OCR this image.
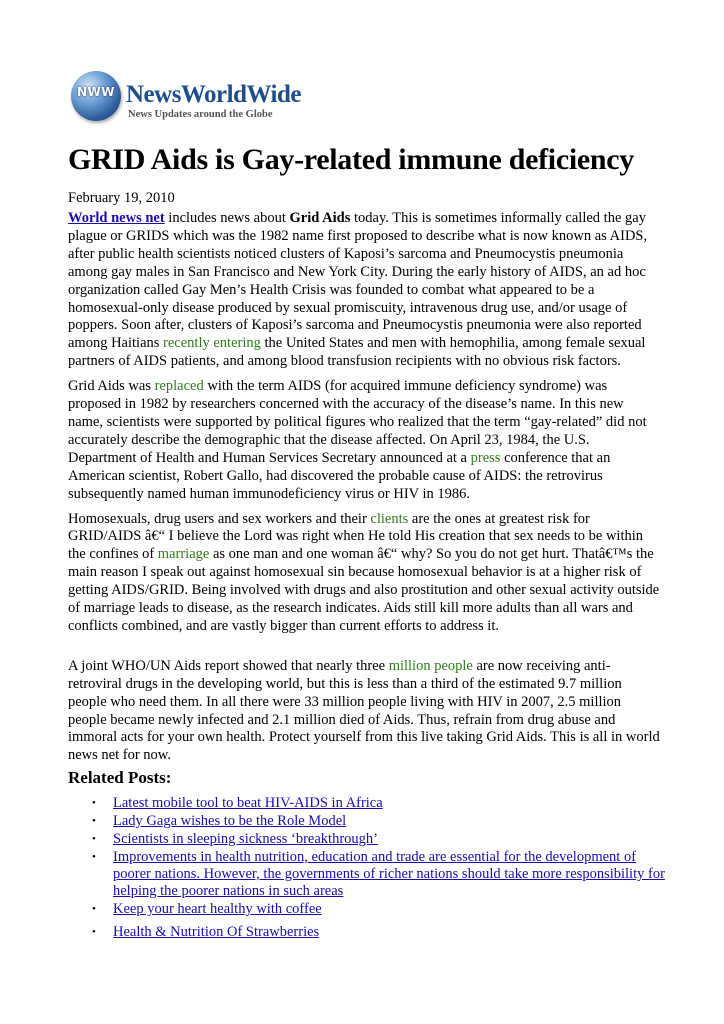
NWW NewsWorldWide
News Updates around the Globe
GRID Aids is Gay-related immune deficiency
February 19, 2010

World news net includes news about Grid Aids today. This is sometimes informally called the gay plague or GRIDS which was the 1982 name first proposed to describe what is now known as AIDS, after public health scientists noticed clusters of Kaposi’s sarcoma and Pneumocystis pneumonia among gay males in San Francisco and New York City. During the early history of AIDS, an ad hoc organization called Gay Men’s Health Crisis was founded to combat what appeared to be a homosexual-only disease produced by sexual promiscuity, intravenous drug use, and/or usage of poppers. Soon after, clusters of Kaposi’s sarcoma and Pneumocystis pneumonia were also reported among Haitians recently entering the United States and men with hemophilia, among female sexual partners of AIDS patients, and among blood transfusion recipients with no obvious risk factors.

Grid Aids was replaced with the term AIDS (for acquired immune deficiency syndrome) was proposed in 1982 by researchers concerned with the accuracy of the disease’s name. In this new name, scientists were supported by political figures who realized that the term “gay-related” did not accurately describe the demographic that the disease affected. On April 23, 1984, the U.S. Department of Health and Human Services Secretary announced at a press conference that an American scientist, Robert Gallo, had discovered the probable cause of AIDS: the retrovirus subsequently named human immunodeficiency virus or HIV in 1986.

Homosexuals, drug users and sex workers and their clients are the ones at greatest risk for GRID/AIDS â€“ I believe the Lord was right when He told His creation that sex needs to be within the confines of marriage as one man and one woman â€“ why? So you do not get hurt. Thatâ€™s the main reason I speak out against homosexual sin because homosexual behavior is at a higher risk of getting AIDS/GRID. Being involved with drugs and also prostitution and other sexual activity outside of marriage leads to disease, as the research indicates. Aids still kill more adults than all wars and conflicts combined, and are vastly bigger than current efforts to address it.

A joint WHO/UN Aids report showed that nearly three million people are now receiving anti-retroviral drugs in the developing world, but this is less than a third of the estimated 9.7 million people who need them. In all there were 33 million people living with HIV in 2007, 2.5 million people became newly infected and 2.1 million died of Aids. Thus, refrain from drug abuse and immoral acts for your own health. Protect yourself from this live taking Grid Aids. This is all in world news net for now.

Related Posts:
• Latest mobile tool to beat HIV-AIDS in Africa
• Lady Gaga wishes to be the Role Model
• Scientists in sleeping sickness ‘breakthrough’
• Improvements in health nutrition, education and trade are essential for the development of poorer nations. However, the governments of richer nations should take more responsibility for helping the poorer nations in such areas
• Keep your heart healthy with coffee
• Health & Nutrition Of Strawberries
